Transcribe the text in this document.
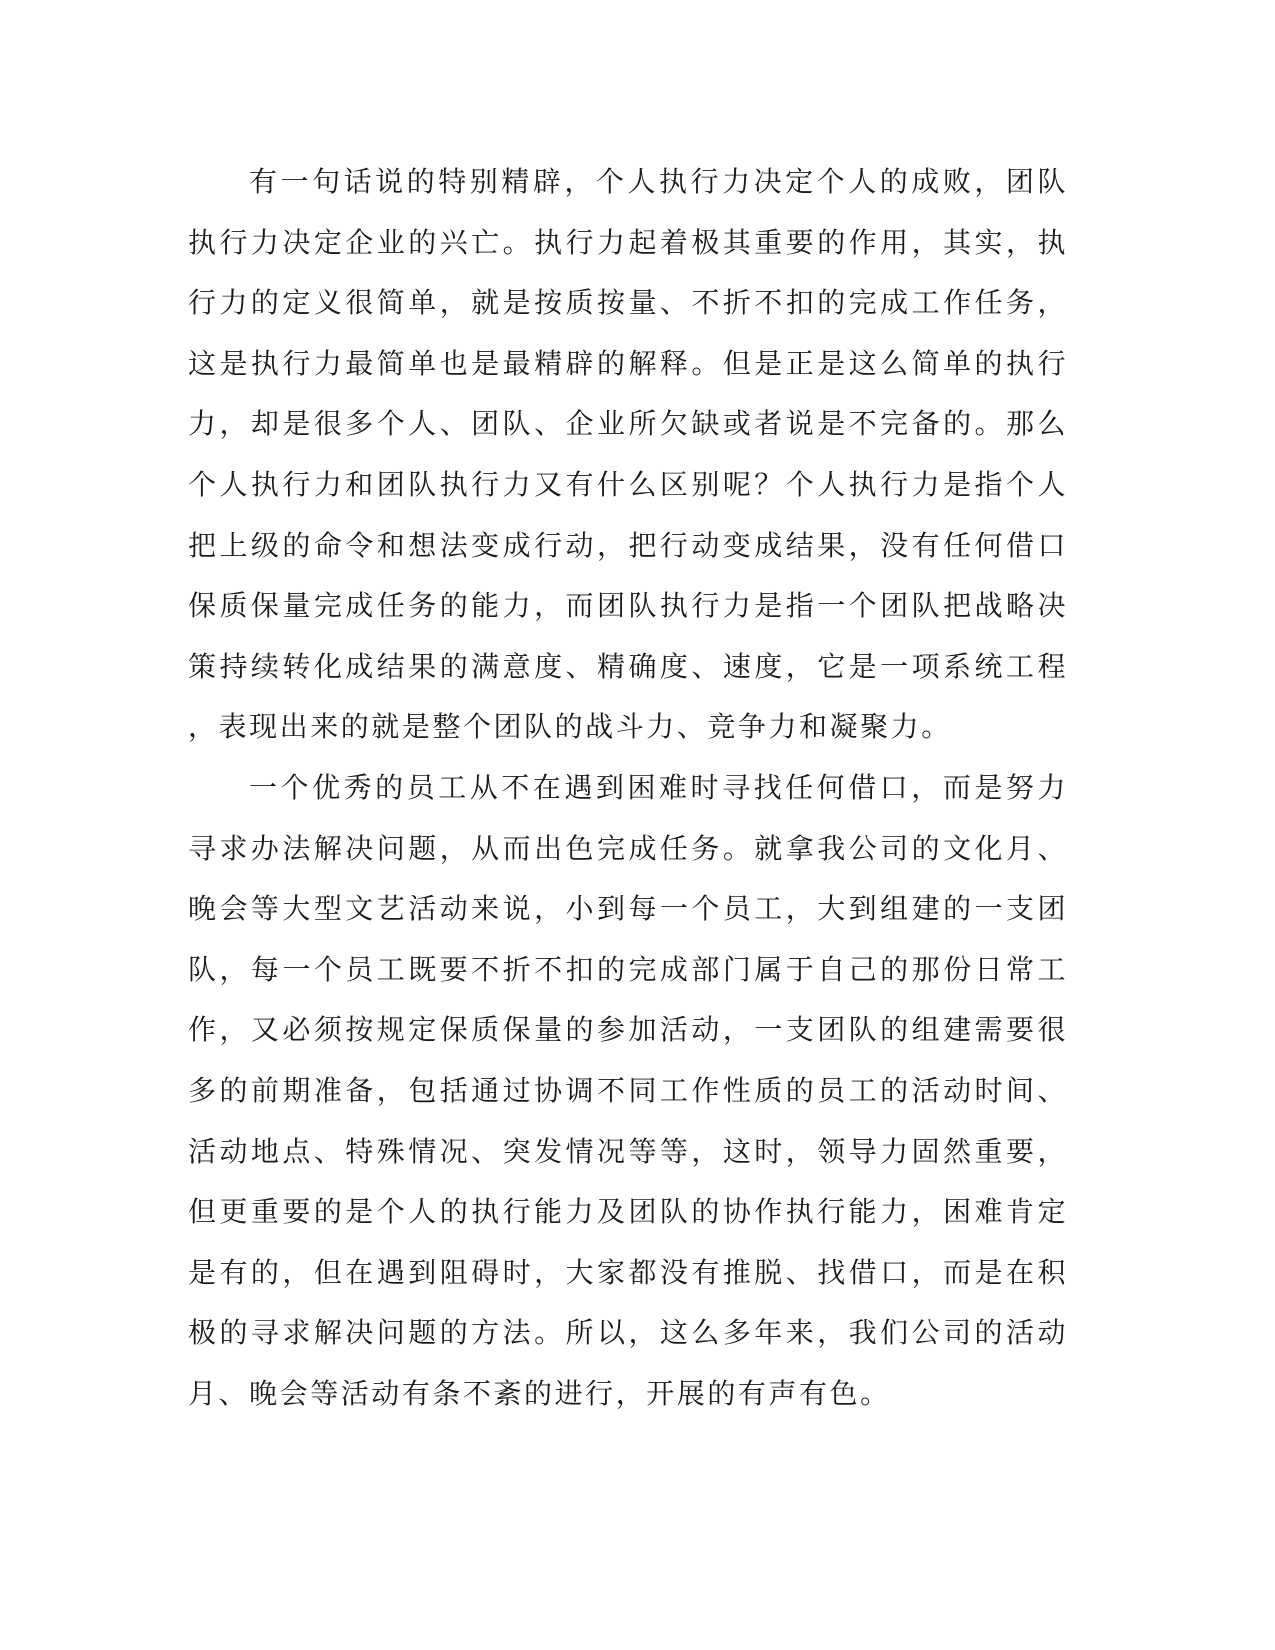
有一句话说的特别精辟，个人执行力决定个人的成败，团队执行力决定企业的兴亡。执行力起着极其重要的作用，其实，执行力的定义很简单，就是按质按量、不折不扣的完成工作任务，这是执行力最简单也是最精辟的解释。但是正是这么简单的执行力，却是很多个人、团队、企业所欠缺或者说是不完备的。那么个人执行力和团队执行力又有什么区别呢？个人执行力是指个人把上级的命令和想法变成行动，把行动变成结果，没有任何借口保质保量完成任务的能力，而团队执行力是指一个团队把战略决策持续转化成结果的满意度、精确度、速度，它是一项系统工程，表现出来的就是整个团队的战斗力、竞争力和凝聚力。

一个优秀的员工从不在遇到困难时寻找任何借口，而是努力寻求办法解决问题，从而出色完成任务。就拿我公司的文化月、晚会等大型文艺活动来说，小到每一个员工，大到组建的一支团队，每一个员工既要不折不扣的完成部门属于自己的那份日常工作，又必须按规定保质保量的参加活动，一支团队的组建需要很多的前期准备，包括通过协调不同工作性质的员工的活动时间、活动地点、特殊情况、突发情况等等，这时，领导力固然重要，但更重要的是个人的执行能力及团队的协作执行能力，困难肯定是有的，但在遇到阻碍时，大家都没有推脱、找借口，而是在积极的寻求解决问题的方法。所以，这么多年来，我们公司的活动月、晚会等活动有条不紊的进行，开展的有声有色。
